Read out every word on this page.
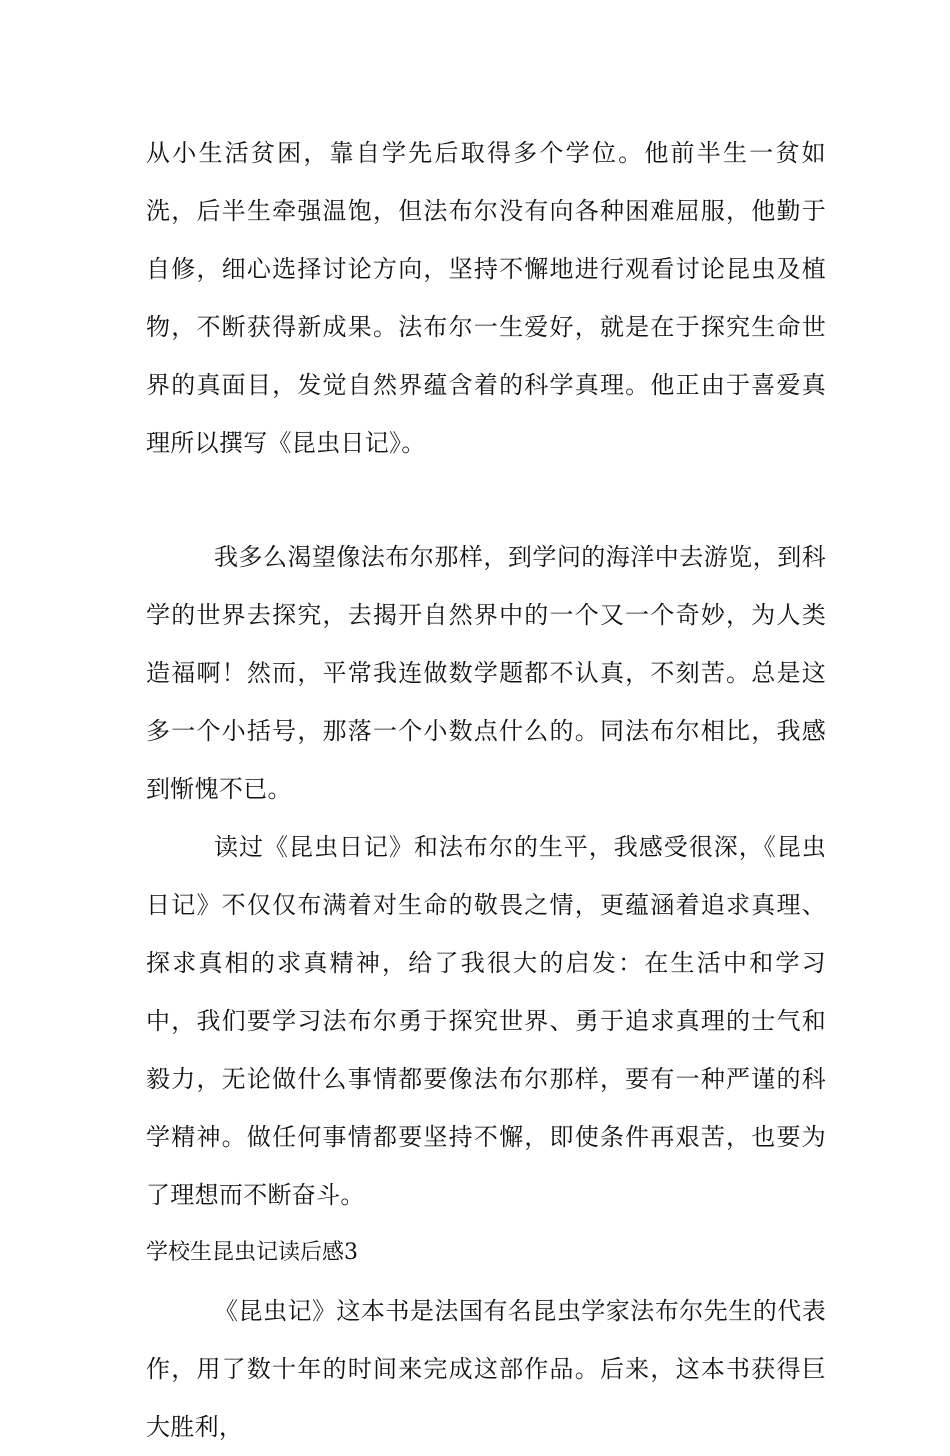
从小生活贫困，靠自学先后取得多个学位。他前半生一贫如洗，后半生牵强温饱，但法布尔没有向各种困难屈服，他勤于自修，细心选择讨论方向，坚持不懈地进行观看讨论昆虫及植物，不断获得新成果。法布尔一生爱好，就是在于探究生命世界的真面目，发觉自然界蕴含着的科学真理。他正由于喜爱真理所以撰写《昆虫日记》。

我多么渴望像法布尔那样，到学问的海洋中去游览，到科学的世界去探究，去揭开自然界中的一个又一个奇妙，为人类造福啊！然而，平常我连做数学题都不认真，不刻苦。总是这多一个小括号，那落一个小数点什么的。同法布尔相比，我感到惭愧不已。

读过《昆虫日记》和法布尔的生平，我感受很深，《昆虫日记》不仅仅布满着对生命的敬畏之情，更蕴涵着追求真理、探求真相的求真精神，给了我很大的启发：在生活中和学习中，我们要学习法布尔勇于探究世界、勇于追求真理的士气和毅力，无论做什么事情都要像法布尔那样，要有一种严谨的科学精神。做任何事情都要坚持不懈，即使条件再艰苦，也要为了理想而不断奋斗。

学校生昆虫记读后感3

《昆虫记》这本书是法国有名昆虫学家法布尔先生的代表作，用了数十年的时间来完成这部作品。后来，这本书获得巨大胜利，
